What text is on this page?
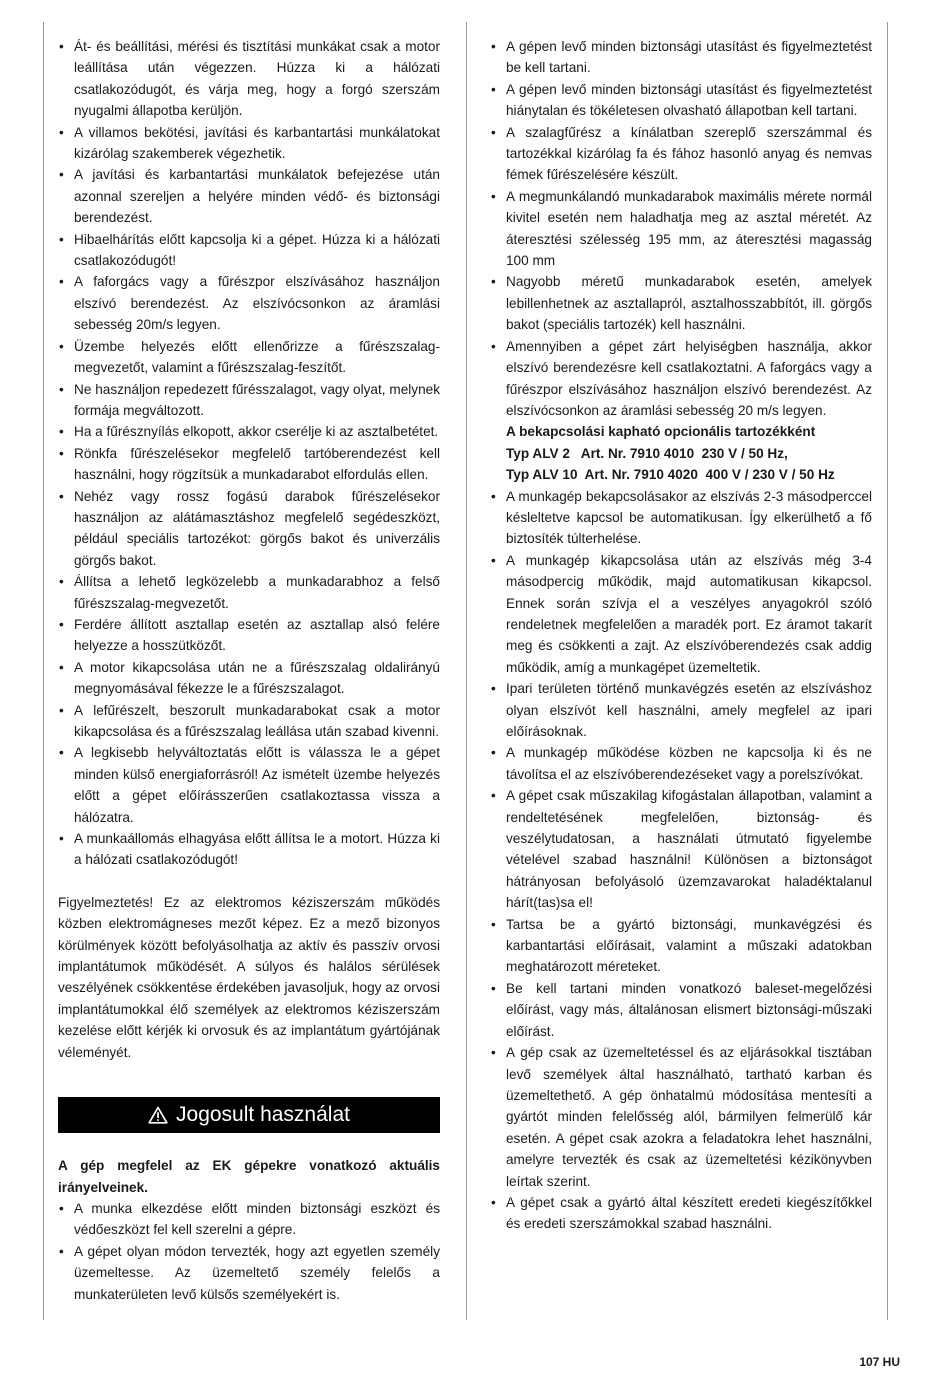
• Át- és beállítási, mérési és tisztítási munkákat csak a motor leállítása után végezzen. Húzza ki a hálózati csatlakozódugót, és várja meg, hogy a forgó szerszám nyugalmi állapotba kerüljön.
• A villamos bekötési, javítási és karbantartási munkálatokat kizárólag szakemberek végezhetik.
• A javítási és karbantartási munkálatok befejezése után azonnal szereljen a helyére minden védő- és biztonsági berendezést.
• Hibaelhárítás előtt kapcsolja ki a gépet. Húzza ki a hálózati csatlakozódugót!
• A faforgács vagy a fűrészpor elszívásához használjon elszívó berendezést. Az elszívócsonkon az áramlási sebesség 20m/s legyen.
• Üzembe helyezés előtt ellenőrizze a fűrészszalag-megvezetőt, valamint a fűrészszalag-feszítőt.
• Ne használjon repedezett fűrésszalagot, vagy olyat, melynek formája megváltozott.
• Ha a fűrésznyílás elkopott, akkor cserélje ki az asztalbetétet.
• Rönkfa fűrészelésekor megfelelő tartóberendezést kell használni, hogy rögzítsük a munkadarabot elfordulás ellen.
• Nehéz vagy rossz fogású darabok fűrészelésekor használjon az alátámasztáshoz megfelelő segédeszközt, például speciális tartozékot: görgős bakot és univerzális görgős bakot.
• Állítsa a lehető legközelebb a munkadarabhoz a felső fűrészszalag-megvezetőt.
• Ferdére állított asztallap esetén az asztallap alsó felére helyezze a hosszütközőt.
• A motor kikapcsolása után ne a fűrészszalag oldalirányú megnyomásával fékezze le a fűrészszalagot.
• A lefűrészelt, beszorult munkadarabokat csak a motor kikapcsolása és a fűrészszalag leállása után szabad kivenni.
• A legkisebb helyváltoztatás előtt is válassza le a gépet minden külső energiaforrásról! Az ismételt üzembe helyezés előtt a gépet előírásszerűen csatlakoztassa vissza a hálózatra.
• A munkaállomás elhagyása előtt állítsa le a motort. Húzza ki a hálózati csatlakozódugót!

Figyelmeztetés! Ez az elektromos kéziszerszám működés közben elektromágneses mezőt képez. Ez a mező bizonyos körülmények között befolyásolhatja az aktív és passzív orvosi implantátumok működését. A súlyos és halálos sérülések veszélyének csökkentése érdekében javasoljuk, hogy az orvosi implantátumokkal élő személyek az elektromos kéziszerszám kezelése előtt kérjék ki orvosuk és az implantátum gyártójának véleményét.

Jogosult használat

A gép megfelel az EK gépekre vonatkozó aktuális irányelveinek.

• A munka elkezdése előtt minden biztonsági eszközt és védőeszközt fel kell szerelni a gépre.
• A gépet olyan módon tervezték, hogy azt egyetlen személy üzemeltesse. Az üzemeltető személy felelős a munkaterületen levő külsős személyekért is.
• A gépen levő minden biztonsági utasítást és figyelmeztetést be kell tartani.
• A gépen levő minden biztonsági utasítást és figyelmeztetést hiánytalan és tökéletesen olvasható állapotban kell tartani.
• A szalagfűrész a kínálatban szereplő szerszámmal és tartozékkal kizárólag fa és fához hasonló anyag és nemvas fémek fűrészelésére készült.
• A megmunkálandó munkadarabok maximális mérete normál kivitel esetén nem haladhatja meg az asztal méretét. Az áteresztési szélesség 195 mm, az áteresztési magasság 100 mm
• Nagyobb méretű munkadarabok esetén, amelyek lebillenhetnek az asztallapról, asztalhosszabbítót, ill. görgős bakot (speciális tartozék) kell használni.
• Amennyiben a gépet zárt helyiségben használja, akkor elszívó berendezésre kell csatlakoztatni. A faforgács vagy a fűrészpor elszívásához használjon elszívó berendezést. Az elszívócsonkon az áramlási sebesség 20 m/s legyen.
A bekapcsolási kapható opcionális tartozékként
Typ ALV 2   Art. Nr. 7910 4010  230 V / 50 Hz,
Typ ALV 10  Art. Nr. 7910 4020  400 V / 230 V / 50 Hz
• A munkagép bekapcsolásakor az elszívás 2-3 másodperccel késleltetve kapcsol be automatikusan. Így elkerülhető a fő biztosíték túlterhelése.
• A munkagép kikapcsolása után az elszívás még 3-4 másodpercig működik, majd automatikusan kikapcsol. Ennek során szívja el a veszélyes anyagokról szóló rendeletnek megfelelően a maradék port. Ez áramot takarít meg és csökkenti a zajt. Az elszívóberendezés csak addig működik, amíg a munkagépet üzemeltetik.
• Ipari területen történő munkavégzés esetén az elszíváshoz olyan elszívót kell használni, amely megfelel az ipari előírásoknak.
• A munkagép működése közben ne kapcsolja ki és ne távolítsa el az elszívóberendezéseket vagy a porelszívókat.
• A gépet csak műszakilag kifogástalan állapotban, valamint a rendeltetésének megfelelően, biztonság- és veszélytudatosan, a használati útmutató figyelembe vételével szabad használni! Különösen a biztonságot hátrányosan befolyásoló üzemzavarokat haladéktalanul hárít(tas)sa el!
• Tartsa be a gyártó biztonsági, munkavégzési és karbantartási előírásait, valamint a műszaki adatokban meghatározott méreteket.
• Be kell tartani minden vonatkozó baleset-megelőzési előírást, vagy más, általánosan elismert biztonsági-műszaki előírást.
• A gép csak az üzemeltetéssel és az eljárásokkal tisztában levő személyek által használható, tartható karban és üzemeltethető. A gép önhatalmú módosítása mentesíti a gyártót minden felelősség alól, bármilyen felmerülő kár esetén. A gépet csak azokra a feladatokra lehet használni, amelyre tervezték és csak az üzemeltetési kézikönyvben leírtak szerint.
• A gépet csak a gyártó által készített eredeti kiegészítőkkel és eredeti szerszámokkal szabad használni.
107 HU
